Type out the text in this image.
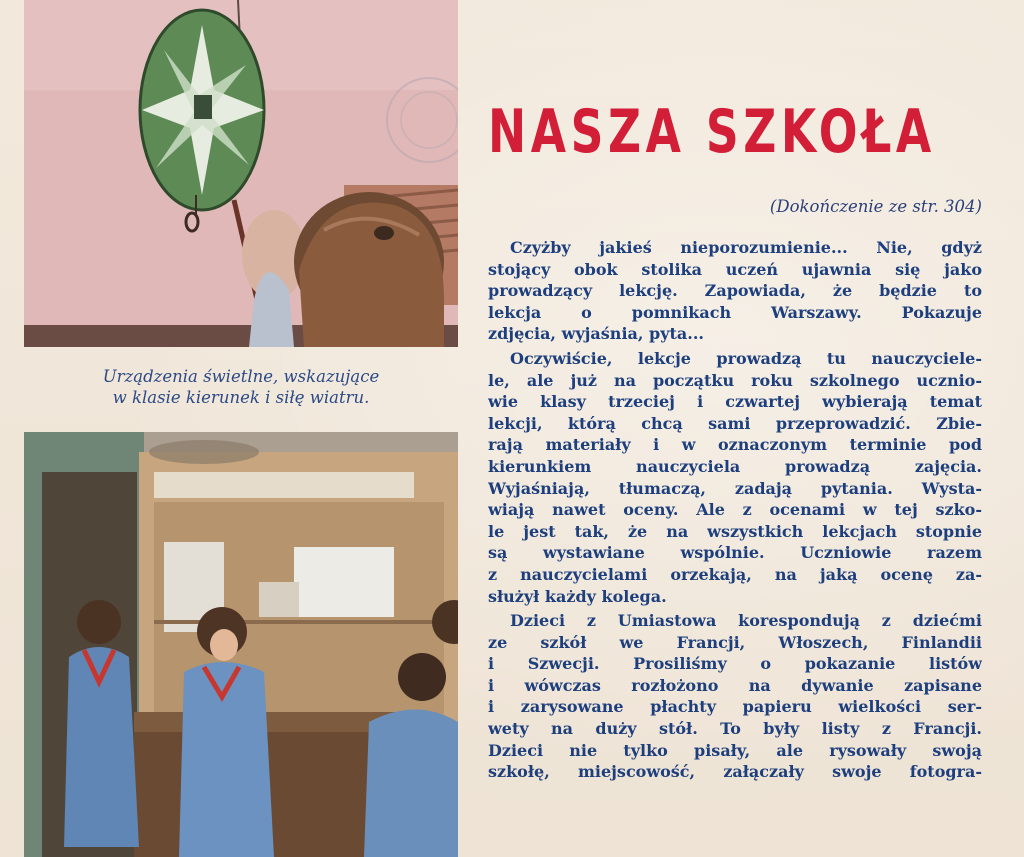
Urządzenia świetlne, wskazujące
w klasie kierunek i siłę wiatru.
NASZA SZKOŁA
(Dokończenie ze str. 304)
Czyżby jakieś nieporozumienie... Nie, gdyż
stojący obok stolika uczeń ujawnia się jako
prowadzący lekcję. Zapowiada, że będzie to
lekcja o pomnikach Warszawy. Pokazuje
zdjęcia, wyjaśnia, pyta...
Oczywiście, lekcje prowadzą tu nauczyciele-
le, ale już na początku roku szkolnego ucznio-
wie klasy trzeciej i czwartej wybierają temat
lekcji, którą chcą sami przeprowadzić. Zbie-
rają materiały i w oznaczonym terminie pod
kierunkiem nauczyciela prowadzą zajęcia.
Wyjaśniają, tłumaczą, zadają pytania. Wysta-
wiają nawet oceny. Ale z ocenami w tej szko-
le jest tak, że na wszystkich lekcjach stopnie
są wystawiane wspólnie. Uczniowie razem
z nauczycielami orzekają, na jaką ocenę za-
służył każdy kolega.
Dzieci z Umiastowa korespondują z dziećmi
ze szkół we Francji, Włoszech, Finlandii
i Szwecji. Prosiliśmy o pokazanie listów
i wówczas rozłożono na dywanie zapisane
i zarysowane płachty papieru wielkości ser-
wety na duży stół. To były listy z Francji.
Dzieci nie tylko pisały, ale rysowały swoją
szkołę, miejscowość, załączały swoje fotogra-
